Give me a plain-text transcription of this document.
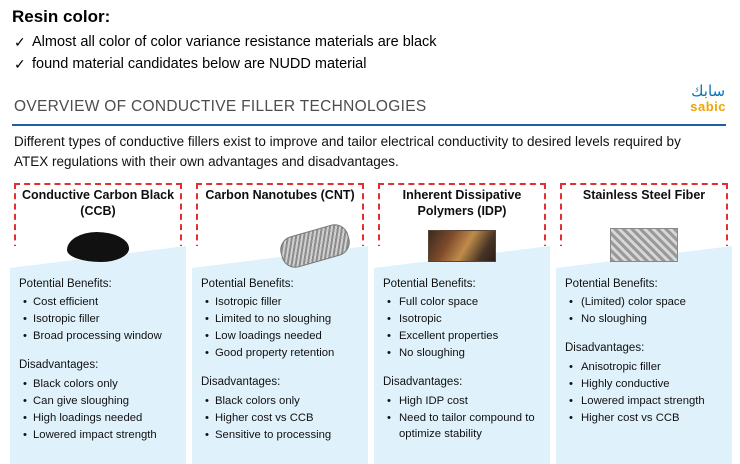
Resin color:
✓ Almost all color of color variance resistance materials are black
✓ found material candidates below are NUDD material
سابك
sabic
OVERVIEW OF CONDUCTIVE FILLER TECHNOLOGIES
Different types of conductive fillers exist to improve and tailor electrical conductivity to desired levels required by ATEX regulations with their own advantages and disadvantages.
Conductive Carbon Black (CCB)
Potential Benefits:
• Cost efficient
• Isotropic filler
• Broad processing window
Disadvantages:
• Black colors only
• Can give sloughing
• High loadings needed
• Lowered impact strength
Carbon Nanotubes (CNT)
Potential Benefits:
• Isotropic filler
• Limited to no sloughing
• Low loadings needed
• Good property retention
Disadvantages:
• Black colors only
• Higher cost vs CCB
• Sensitive to processing
Inherent Dissipative Polymers (IDP)
Potential Benefits:
• Full color space
• Isotropic
• Excellent properties
• No sloughing
Disadvantages:
• High IDP cost
• Need to tailor compound to optimize stability
Stainless Steel Fiber
Potential Benefits:
• (Limited) color space
• No sloughing
Disadvantages:
• Anisotropic filler
• Highly conductive
• Lowered impact strength
• Higher cost vs CCB
